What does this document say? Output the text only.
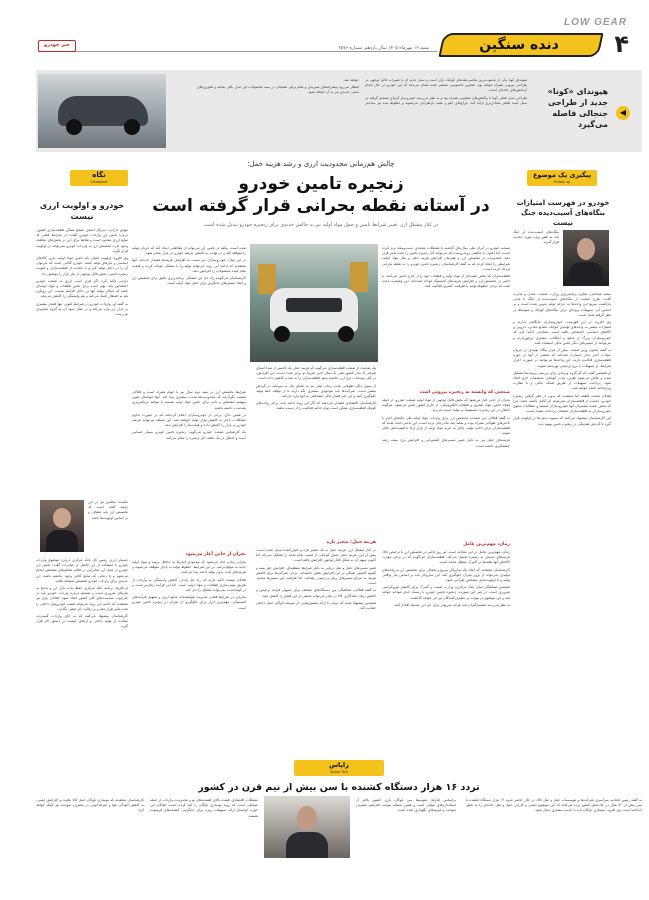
LOW GEAR
۴
دنده سنگین
شنبه ۱۲ مهرماه ۱۴۰۵ سال یازدهم، شماره ۲۵۷۶
خبر خودرو
هیوندای «کونا» جدید از طراحی جنجالی فاصله می‌گیرد
◀

هیوندای کونا یکی از محبوب‌ترین شاسی‌بلندهای کوچک بازار است و نسل جدید آن با تغییرات قابل توجهی در طراحی بیرونی همراه خواهد بود. تصاویر جاسوسی منتشر شده نشان می‌دهد که این خودرو در حال انجام آزمایش‌های جاده‌ای است.

طراحی نسل فعلی کونا با واکنش‌های متفاوتی همراه بود و به نظر می‌رسد خودروساز کره‌ای تصمیم گرفته در نسل آینده ظاهر متعادل‌تری ارائه کند. چراغ‌های جلو و عقب بازطراحی می‌شوند و خطوط بدنه نیز ساده‌تر خواهد شد.

انتظار می‌رود پیشرانه‌های هیبریدی و تمام برقی همچنان در سبد محصولات این مدل باقی بمانند و فناوری‌های ایمنی جدیدی نیز به آن اضافه شود.

نگاه
Viewpoint
خودرو و اولویت ارزی نیست

مهدی دارابی، دبیرکل انجمن صنایع همگن قطعه‌سازی کشور، درباره تامین ارز واردات خودرو گفت: در شرایط فعلی که منابع ارزی محدود است و تقاضا برای ارز در بخش‌های مختلف وجود دارد، تخصیص ارز به واردات خودرو نمی‌تواند در اولویت قرار بگیرد.

وی افزود: اولویت اصلی باید تامین مواد اولیه، دارو، کالاهای اساسی و نیازهای تولید باشد. خودرو کالایی است که می‌توان آن را در داخل تولید کرد و با حمایت از قطعه‌سازان و تقویت زنجیره تامین، بخش قابل توجهی از نیاز بازار را پوشش داد.

دارابی تاکید کرد: اگر قرار است ارزی به صنعت خودرو اختصاص یابد، بهتر است برای تامین قطعات و مواد اولیه‌ای باشد که امکان تولید آنها در داخل فراهم نیست. این رویکرد هم به اشتغال کمک می‌کند و هم وابستگی را کاهش می‌دهد.

به گفته او، واردات خودرو در شرایط کنونی تنها فشار بیشتری بر بازار ارز وارد می‌کند و در عمل سود آن به گروه محدودی می‌رسد.

نماینده مجلس نیز در این زمینه گفته است که تخصیص ارز باید شفاف و بر اساس اولویت‌ها باشد.

دستیار ارزی رئیس کل بانک مرکزی درباره موضوع واردات خودرو با استفاده از ارز حاصل از صادرات گفت: تامین ارز خودرو از محل ارز صادراتی در قالب تفاهم‌های مشخص انجام می‌شود و تا زمانی که منابع کافی وجود نداشته باشد، ارز جدیدی برای واردات خودرو تخصیص نخواهد یافت.

او افزود: برنامه بانک مرکزی حفظ ثبات بازار ارز و پاسخ به نیازهای ضروری است و تصمیم درباره واردات خودرو باید در چارچوب سیاست‌های کلی کشور اتخاذ شود. فعالان بازار نیز معتقدند که ادامه این روند می‌تواند قیمت خودروهای داخلی را تحت تاثیر قرار دهد و بر رقابت اثر منفی بگذارد.

کارشناسان پیشنهاد می‌کنند که به جای واردات گسترده، حمایت از تولید داخلی و ارتقای کیفیت در دستور کار قرار گیرد.

پیگیری یک موضوع
Follow up
خودرو در فهرست امتیازات بنگاه‌های آسیب‌دیده جنگ نیست

بنگاه‌های آسیب‌دیده از جنگ باید به طور ویژه مورد حمایت قرار گیرند.

سعید شجاعی، معاون برنامه‌ریزی وزارت صنعت، معدن و تجارت گفت: طرح حمایت از بنگاه‌های آسیب‌دیده از جنگ با هدف بازگشت سریع این واحدها به چرخه تولید تدوین شده است و بر اساس آن، تسهیلات ویژه‌ای برای بنگاه‌های کوچک و متوسط در نظر گرفته شده است.

وی افزود: در این فهرست، خودروسازان جایگاهی ندارند و امتیازات بیشتر به واحدهای تولیدی کوچک، صنایع غذایی، دارویی و کالاهای اساسی اختصاص یافته است. شجاعی تاکید کرد که خودروسازان بزرگ از منابع و امکانات بیشتری برخوردارند و می‌توانند از مسیرهای دیگر تامین مالی استفاده کنند.

به گفته معاون وزیر صمت، بیش از هزار بنگاه تولیدی در جریان حوادث اخیر دچار خسارت شده‌اند که بخشی از آنها در حوزه قطعه‌سازی فعالیت دارند. این واحدها می‌توانند در صورت احراز شرایط، از تسهیلات با نرخ ترجیحی بهره‌مند شوند.

او همچنین گفت که کارگروه ویژه‌ای برای بررسی پرونده‌ها تشکیل شده و تلاش می‌شود ظرف مدت کوتاهی تصمیمات لازم اتخاذ شود. پرداخت تسهیلات از طریق شبکه بانکی و با نظارت وزارتخانه انجام خواهد شد.

فعالان صنعت قطعه اما معتقدند که بدون در نظر گرفتن زنجیره خودرو، حمایت از قطعه‌سازان نمی‌تواند اثر کامل داشته باشد؛ چرا که بخش عمده مشتریان آنها خودروسازان هستند و مطالبات معوق خودروسازان به قطعه‌سازان همچنان پرداخت نشده است.

این کارشناسان پیشنهاد می‌کنند که تسویه بدهی‌ها در اولویت قرار گیرد تا گردش نقدینگی در زنجیره تامین بهبود یابد.

چالش هم‌زمانی محدودیت ارزی و رشد هزینه حمل؛
زنجیره تامین خودرو
در آستانه نقطه بحرانی قرار گرفته است
در کنار مشکل ارز، تغییر شرایط تامین و حمل مواد اولیه نیز به چالش جدیدی برای زنجیره خودرو تبدیل شده است

صنعت خودرو در ایران طی سال‌های گذشته با مشکلات متعددی دست‌وپنجه نرم کرده است، اما اکنون با چالشی روبه‌روست که می‌تواند کل زنجیره تامین را تحت تاثیر قرار دهد. محدودیت در تخصیص ارز و همزمان افزایش هزینه حمل و نقل مواد اولیه، شرایطی را ایجاد کرده که به گفته کارشناسان، زنجیره تامین خودرو را به نقطه بحرانی نزدیک کرده است.

قطعه‌سازان که بخش عمده‌ای از مواد اولیه و قطعات خود را از خارج تامین می‌کنند، با تاخیر در تخصیص ارز و افزایش هزینه‌های لجستیک مواجه شده‌اند. این وضعیت باعث شده که برخی خطوط تولید با ظرفیت کمتری فعالیت کنند.

شده است. وقفه در تامین ارز می‌تواند از مقاطعی ایجاد کند که جریان تولید را متوقف کند و در نهایت به کاهش عرضه خودرو در بازار منجر شود.

در این میان، خودروسازان نیز نسبت به افزایش هزینه‌ها هشدار داده‌اند. آنها معتقدند که ادامه این روند می‌تواند تولید را با مشکل مواجه کرده و قیمت تمام شده محصولات را افزایش دهد.

کارشناسان می‌گویند راه حل این مشکل، برنامه‌ریزی دقیق برای تخصیص ارز و ایجاد مسیرهای جایگزین برای حمل مواد اولیه است.

صنعتی که وابسته به زنجیره بیرونی است

بحران از جایی آغاز می‌شود که بخش قابل توجهی از مواد اولیه صنعت خودرو، از جمله فولاد خاص، مواد پلیمری و قطعات الکترونیکی، از خارج کشور تامین می‌شود. هرگونه اختلال در این زنجیره، مستقیماً به تولید آسیب می‌زند.

به گفته فعالان این صنعت، تخصیص ارز برای واردات مواد اولیه طی ماه‌های اخیر با تاخیرهای طولانی همراه بوده و بعضاً چند ماه زمان برده است. این تاخیر باعث شده که قطعه‌سازان برای ادامه تولید، ناچار به خرید مواد اولیه از بازار آزاد با قیمت‌های بالاتر شوند.

هزینه‌های حمل نیز به دلیل تغییر مسیرهای کشتیرانی و افزایش نرخ بیمه، رشد چشمگیری داشته است.

یک نماینده از صنعت قطعه‌سازی می‌گوید که هزینه حمل یک کانتینر از مبدأ آسیای شرقی تا بنادر کشور طی یک سال اخیر تقریباً دو برابر شده است. این افزایش، در کنار نوسانات نرخ ارز، حاشیه سود قطعه‌سازان را به شدت کاهش داده است.

از سوی دیگر، طولانی شدن زمان حمل نیز به معنای نیاز به سرمایه در گردش بیشتر است. شرکت‌ها باید موجودی بیشتری نگه دارند تا از توقف خط تولید جلوگیری کنند و این امر فشار مالی مضاعفی به آنها وارد می‌کند.

کارشناسان اقتصادی هشدار می‌دهند که اگر این روند ادامه یابد، برخی واحدهای کوچک قطعه‌سازی ممکن است توان ادامه فعالیت را از دست بدهند.

هزینه حمل؛ متغیر تازه

در کنار مشکل ارز، هزینه حمل به یک متغیر تازه و تعیین‌کننده تبدیل شده است. پیش از این، هزینه حمل بخش کوچکی از قیمت تمام شده را تشکیل می‌داد، اما اکنون سهم آن به شکل قابل توجهی افزایش یافته است.

تغییر مسیرهای حمل و نقل دریایی به دلیل شرایط منطقه‌ای، افزایش حق بیمه و کمبود کانتینر، همگی در این افزایش نقش داشته‌اند. برخی شرکت‌ها برای کاهش هزینه به سراغ مسیرهای ریلی و زمینی رفته‌اند، اما ظرفیت این مسیرها محدود است.

به گفته فعالان، هماهنگی بین دستگاه‌های مختلف برای تسهیل فرایند ترخیص و کاهش زمان ماندگاری کالا در بنادر می‌تواند بخشی از این فشار را کاهش دهد.

همچنین پیشنهاد شده که دولت با ارائه مشوق‌هایی، از توسعه ناوگان حمل داخلی حمایت کند.

شرایط تخصیص ارز در نیمه دوم سال نیز با ابهام همراه است و فعالان صنعت نگران‌اند که محدودیت‌ها شدت بیشتری پیدا کند. آنها خواستار تعیین سهمیه مشخص و ثابت برای تامین مواد اولیه هستند تا بتوانند برنامه‌ریزی بلندمدت داشته باشند.

در همین حال، برخی از خودروسازان اعلام کرده‌اند که در صورت تداوم مشکلات، ناچار به کاهش تیراژ تولید خواهند شد. این مسئله می‌تواند عرضه خودرو به بازار را کاهش داده و قیمت‌ها را افزایش دهد.

یک کارشناس صنعت خودرو می‌گوید: زنجیره تامین خودرو بسیار حساس است و اختلال در یک حلقه، کل زنجیره را متاثر می‌کند.

بحران از جایی آغاز می‌شود

بحران زمانی آغاز می‌شود که موجودی انبارها به حداقل برسد و مواد اولیه جدید به موقع نرسد. در این شرایط، خطوط تولید به ناچار متوقف می‌شوند و هزینه‌های ثابت بدون تولید ادامه پیدا می‌کنند.

فعالان صنعت تاکید دارند که راه حل پایدار، کاهش وابستگی به واردات از طریق بومی‌سازی قطعات و مواد اولیه است. اما این فرآیند زمان‌بر است و در کوتاه‌مدت نمی‌تواند مشکل را حل کند.

بنابراین در شرایط فعلی، مدیریت هوشمندانه منابع ارزی و تسهیل فرآیندهای لجستیکی، مهم‌ترین ابزار برای جلوگیری از بحران در زنجیره تامین خودرو است.

زمان، مهم‌ترین عامل

زمان، مهم‌ترین عامل در این معادله است. هر روز تاخیر در تخصیص ارز یا ترخیص کالا، هزینه‌های جدیدی به زنجیره تحمیل می‌کند. قطعه‌سازان می‌گویند که در برخی موارد، کالاهای آنها هفته‌ها در گمرک معطل مانده است.

کارشناسان معتقدند که ایجاد یک سازوکار سریع و شفاف برای تخصیص ارز به واحدهای تولیدی، می‌تواند از بروز بحران جلوگیری کند. این سازوکار باید بر اساس نیاز واقعی تولید و با اولویت‌بندی مشخص طراحی شود.

همچنین هماهنگی میان بانک مرکزی، وزارت صمت و گمرک برای کاهش بوروکراسی ضروری است. در غیر این صورت، زنجیره تامین خودرو با ریسک جدی مواجه خواهد شد و این موضوع در نهایت بر مصرف‌کنندگان نیز اثر خواهد گذاشت.

به نظر می‌رسد تصمیم‌گیران باید هرچه سریع‌تر برای حل این مسئله اقدام کنند.

زاپاس
Spare Tire
تردد ۱۶ هزار دستگاه کشنده با سن بیش از نیم قرن در کشور

به گفته رئیس اتحادیه سراسری شرکت‌ها و موسسات حمل و نقل کالا، در حال حاضر حدود ۱۶ هزار دستگاه کشنده با سن بیش از ۵۰ سال در جاده‌های کشور تردد می‌کنند که این موضوع ایمنی و کارایی حمل و نقل جاده‌ای را به خطر انداخته است. وی افزود: نوسازی ناوگان باید با جدیت بیشتری دنبال شود.

براساس آمارها، متوسط سن ناوگان باری کشور بالاتر از استانداردهای جهانی است و همین مسئله موجب افزایش مصرف سوخت و هزینه‌های نگهداری شده است.

مشکلات اقتصادی، قیمت بالای کشنده‌های نو و محدودیت واردات از جمله عواملی است که روند نوسازی ناوگان را کند کرده است. فعالان این حوزه خواستار ارائه تسهیلات ویژه برای جایگزینی کشنده‌های فرسوده هستند.

کارشناسان معتقدند که نوسازی ناوگان حمل کالا علاوه بر افزایش ایمنی، به کاهش آلودگی هوا و صرفه‌جویی در مصرف سوخت نیز کمک خواهد کرد.
